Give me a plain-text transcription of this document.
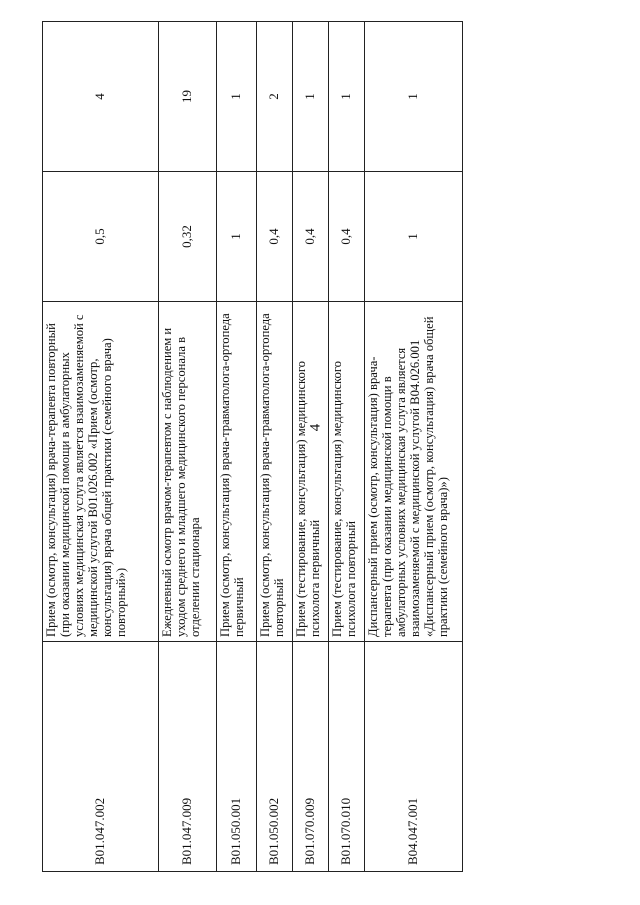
4
B01.047.002	Прием (осмотр, консультация) врача-терапевта повторный (при оказании медицинской помощи в амбулаторных условиях медицинская услуга является взаимозаменяемой с медицинской услугой B01.026.002 «Прием (осмотр, консультация) врача общей практики (семейного врача) повторный»)	0,5	4
B01.047.009	Ежедневный осмотр врачом-терапевтом с наблюдением и уходом среднего и младшего медицинского персонала в отделении стационара	0,32	19
B01.050.001	Прием (осмотр, консультация) врача-травматолога-ортопеда первичный	1	1
B01.050.002	Прием (осмотр, консультация) врача-травматолога-ортопеда повторный	0,4	2
B01.070.009	Прием (тестирование, консультация) медицинского психолога первичный	0,4	1
B01.070.010	Прием (тестирование, консультация) медицинского психолога повторный	0,4	1
B04.047.001	Диспансерный прием (осмотр, консультация) врача-терапевта (при оказании медицинской помощи в амбулаторных условиях медицинская услуга является взаимозаменяемой с медицинской услугой B04.026.001 «Диспансерный прием (осмотр, консультация) врача общей практики (семейного врача)»)	1	1
